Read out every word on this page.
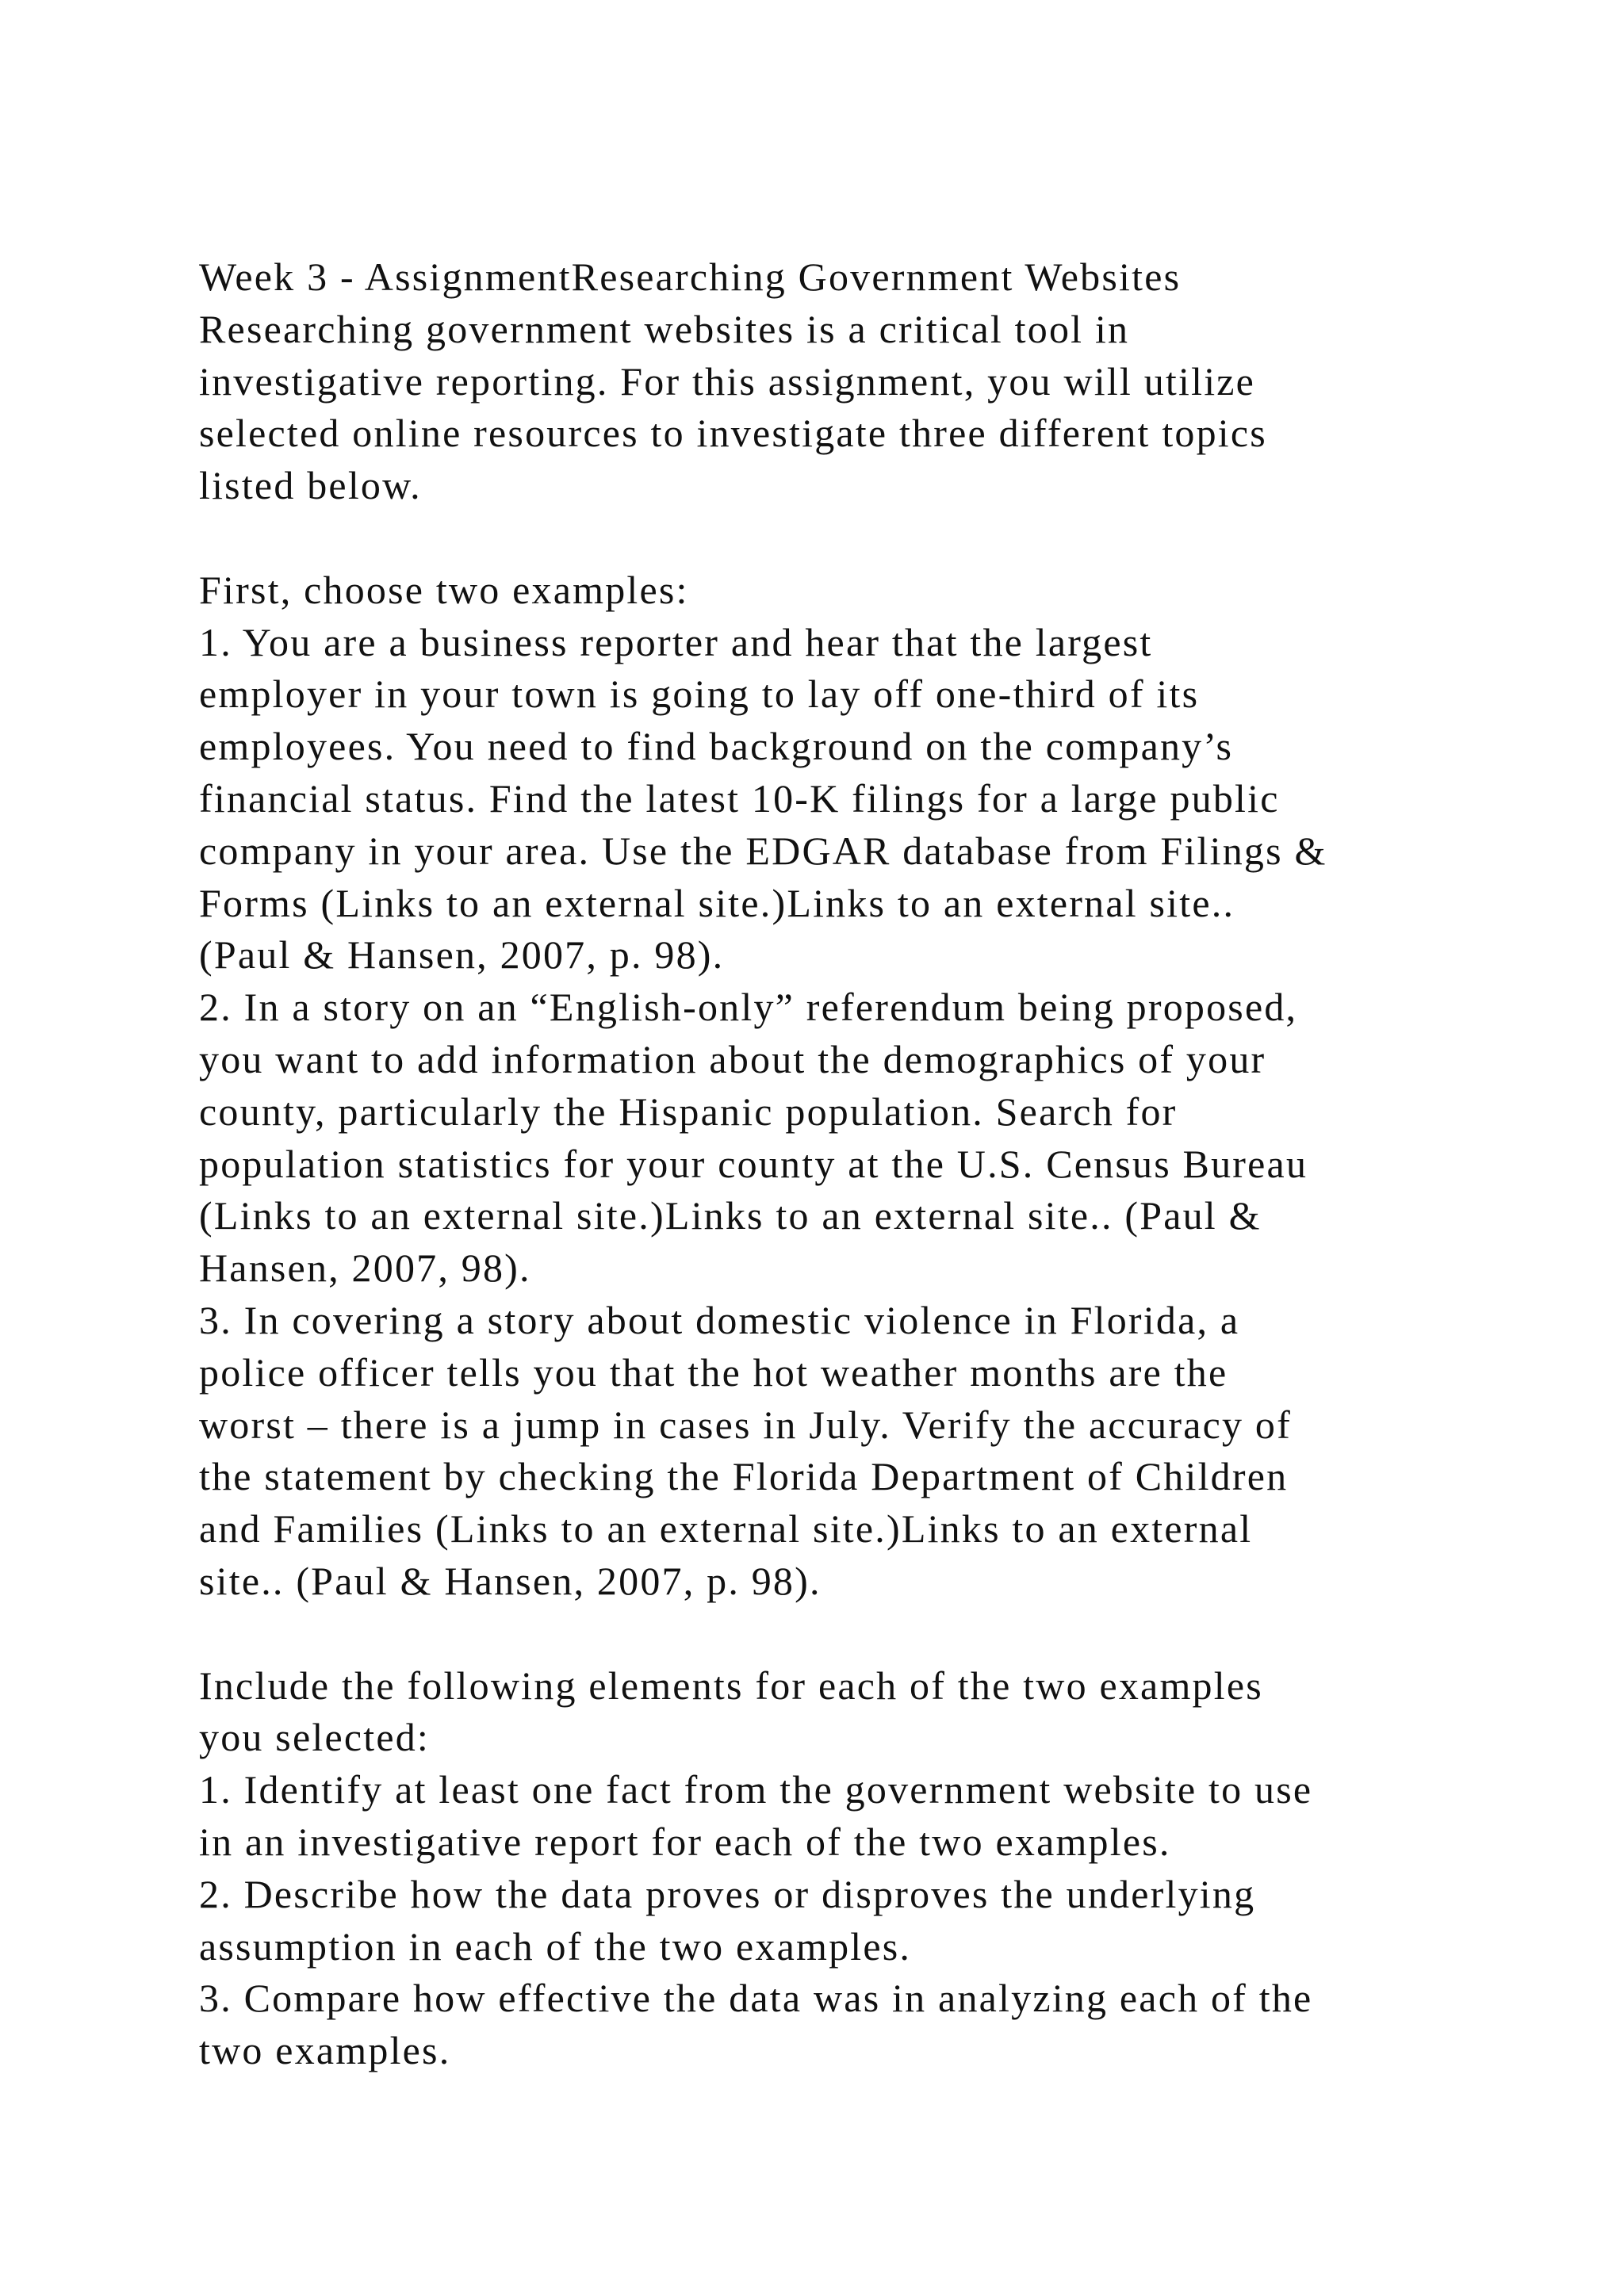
Week 3 - AssignmentResearching Government Websites
Researching government websites is a critical tool in
investigative reporting. For this assignment, you will utilize
selected online resources to investigate three different topics
listed below.
First, choose two examples:
1. You are a business reporter and hear that the largest
employer in your town is going to lay off one-third of its
employees. You need to find background on the company’s
financial status. Find the latest 10-K filings for a large public
company in your area. Use the EDGAR database from Filings &
Forms (Links to an external site.)Links to an external site..
(Paul & Hansen, 2007, p. 98).
2. In a story on an “English-only” referendum being proposed,
you want to add information about the demographics of your
county, particularly the Hispanic population. Search for
population statistics for your county at the U.S. Census Bureau
(Links to an external site.)Links to an external site.. (Paul &
Hansen, 2007, 98).
3. In covering a story about domestic violence in Florida, a
police officer tells you that the hot weather months are the
worst – there is a jump in cases in July. Verify the accuracy of
the statement by checking the Florida Department of Children
and Families (Links to an external site.)Links to an external
site.. (Paul & Hansen, 2007, p. 98).
Include the following elements for each of the two examples
you selected:
1. Identify at least one fact from the government website to use
in an investigative report for each of the two examples.
2. Describe how the data proves or disproves the underlying
assumption in each of the two examples.
3. Compare how effective the data was in analyzing each of the
two examples.
